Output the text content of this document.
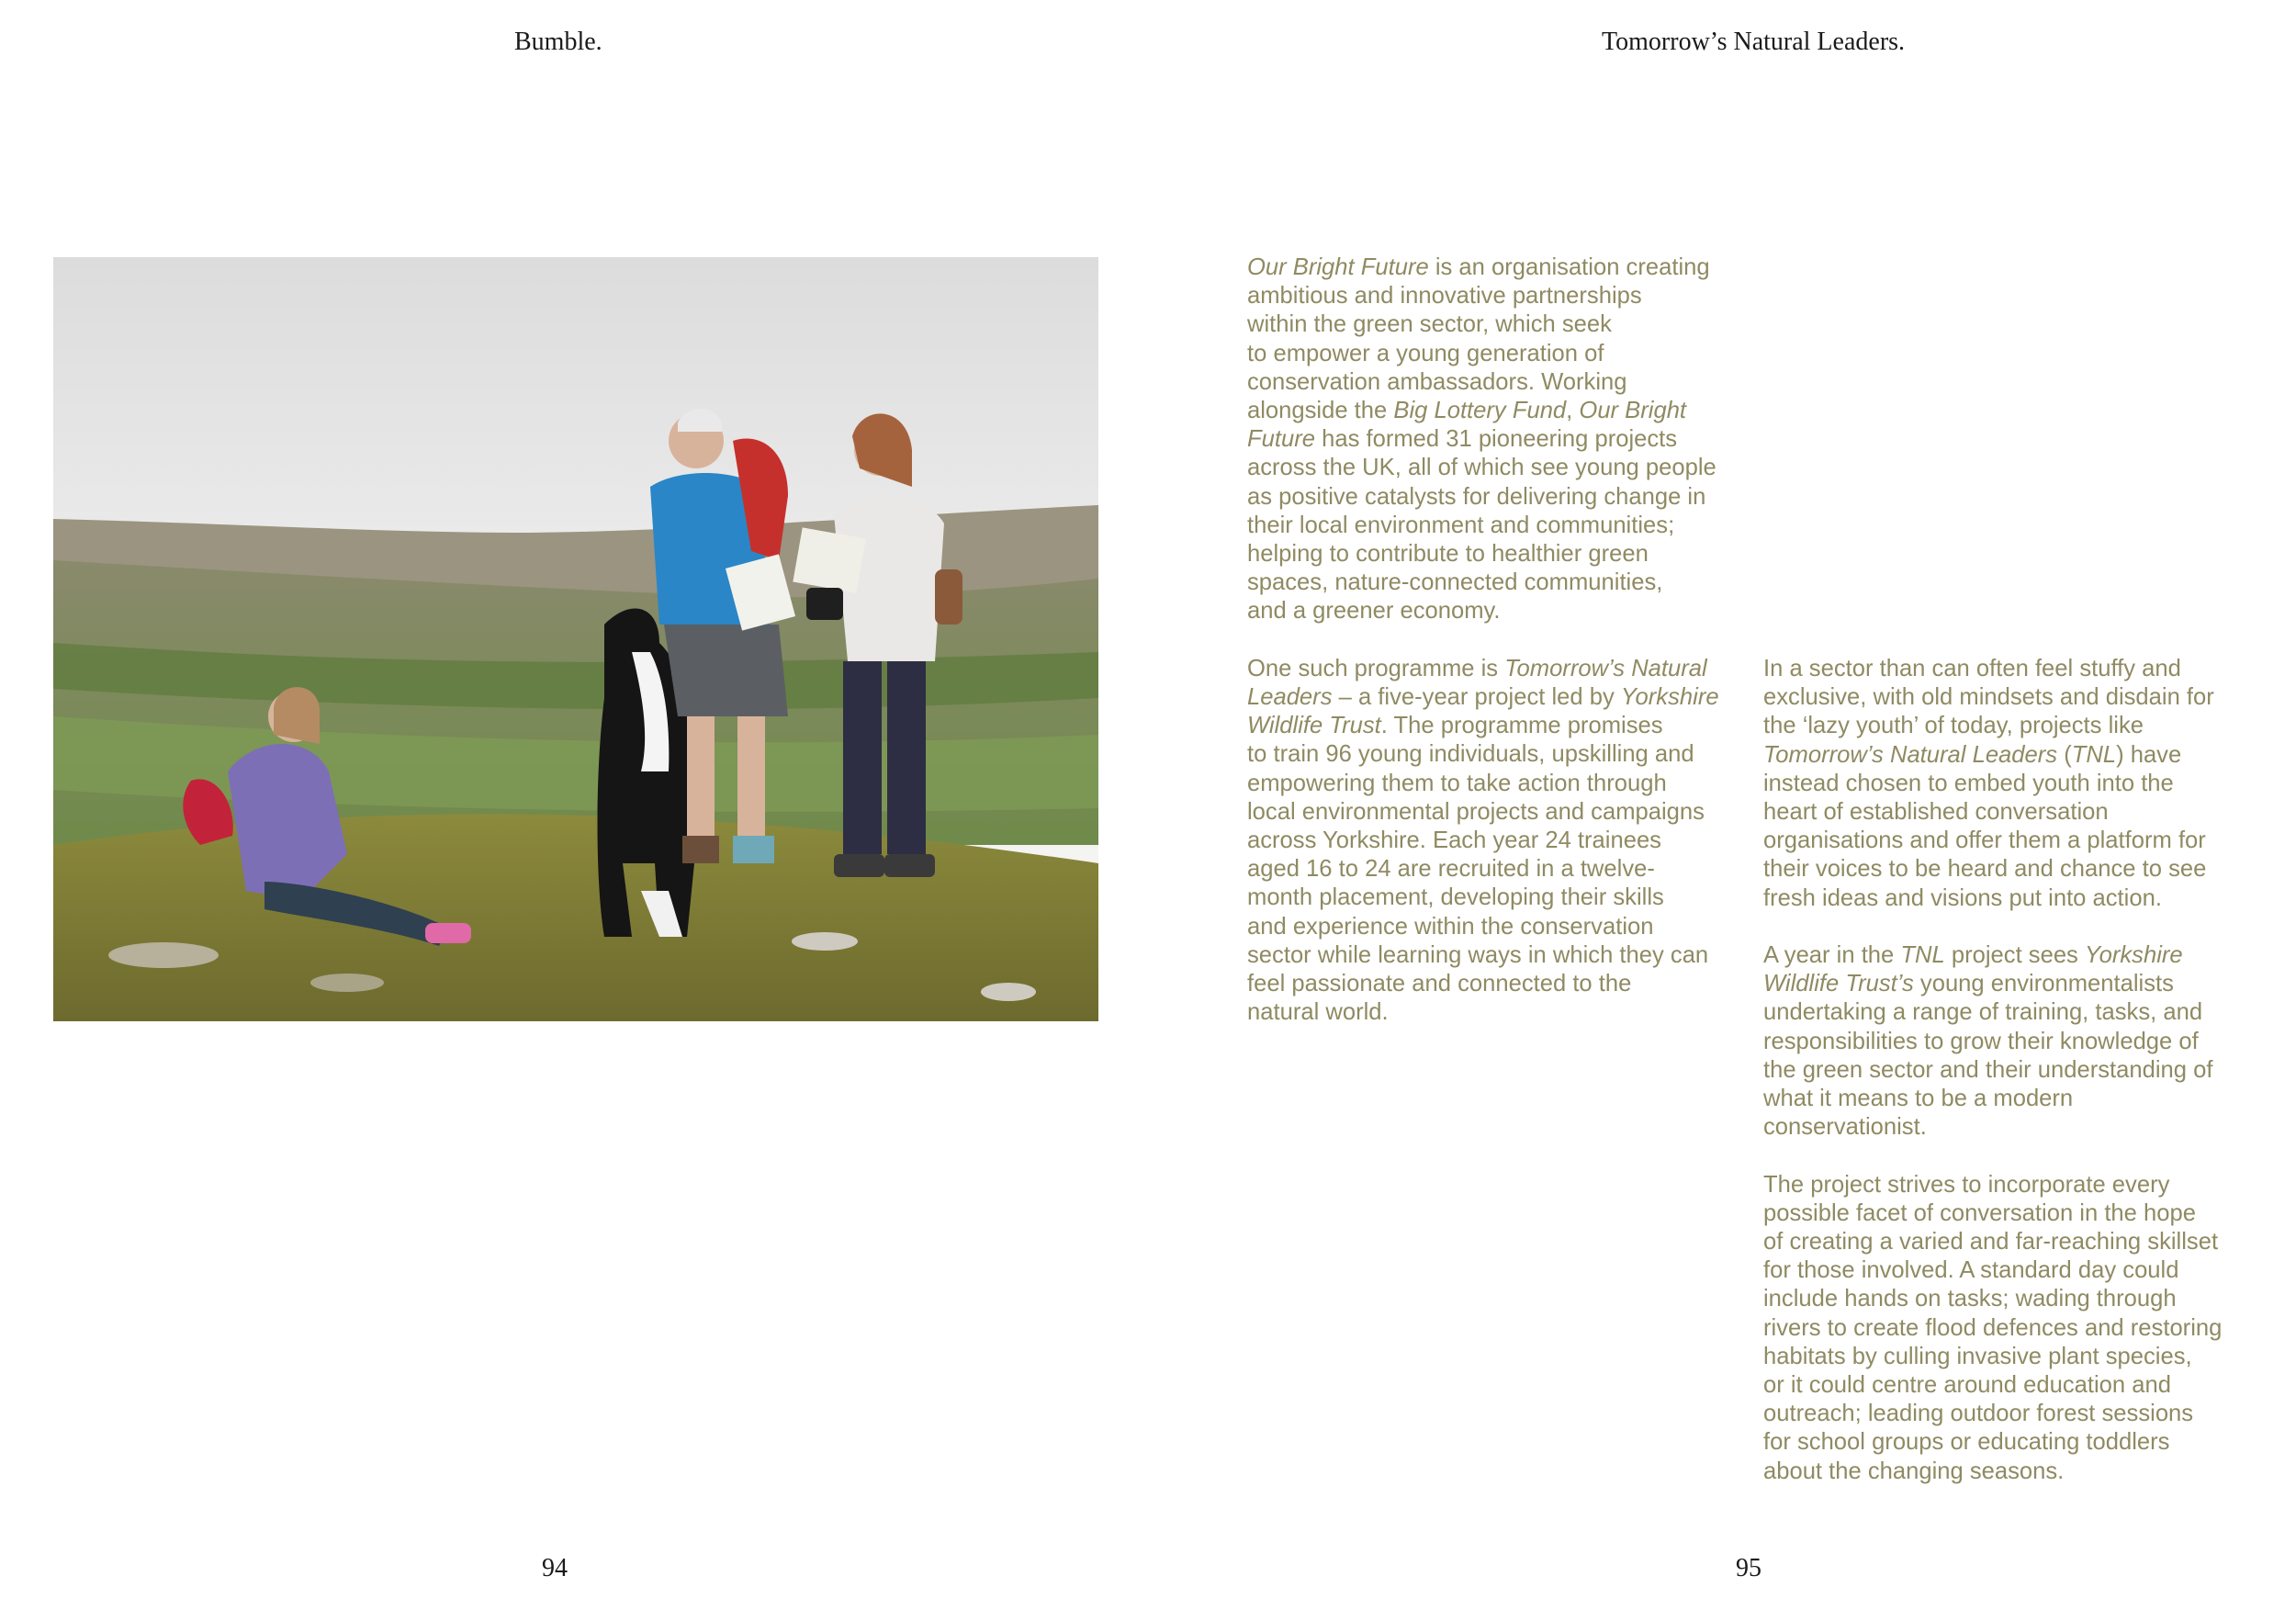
Bumble.
94
Tomorrow’s Natural Leaders.

Our Bright Future is an organisation creating
ambitious and innovative partnerships
within the green sector, which seek
to empower a young generation of
conservation ambassadors. Working
alongside the Big Lottery Fund, Our Bright
Future has formed 31 pioneering projects
across the UK, all of which see young people
as positive catalysts for delivering change in
their local environment and communities;
helping to contribute to healthier green
spaces, nature-connected communities,
and a greener economy.

One such programme is Tomorrow’s Natural
Leaders – a five-year project led by Yorkshire
Wildlife Trust. The programme promises
to train 96 young individuals, upskilling and
empowering them to take action through
local environmental projects and campaigns
across Yorkshire. Each year 24 trainees
aged 16 to 24 are recruited in a twelve-
month placement, developing their skills
and experience within the conservation
sector while learning ways in which they can
feel passionate and connected to the
natural world.

In a sector than can often feel stuffy and
exclusive, with old mindsets and disdain for
the ‘lazy youth’ of today, projects like
Tomorrow’s Natural Leaders (TNL) have
instead chosen to embed youth into the
heart of established conversation
organisations and offer them a platform for
their voices to be heard and chance to see
fresh ideas and visions put into action.

A year in the TNL project sees Yorkshire
Wildlife Trust’s young environmentalists
undertaking a range of training, tasks, and
responsibilities to grow their knowledge of
the green sector and their understanding of
what it means to be a modern
conservationist.

The project strives to incorporate every
possible facet of conversation in the hope
of creating a varied and far-reaching skillset
for those involved. A standard day could
include hands on tasks; wading through
rivers to create flood defences and restoring
habitats by culling invasive plant species,
or it could centre around education and
outreach; leading outdoor forest sessions
for school groups or educating toddlers
about the changing seasons.

95
